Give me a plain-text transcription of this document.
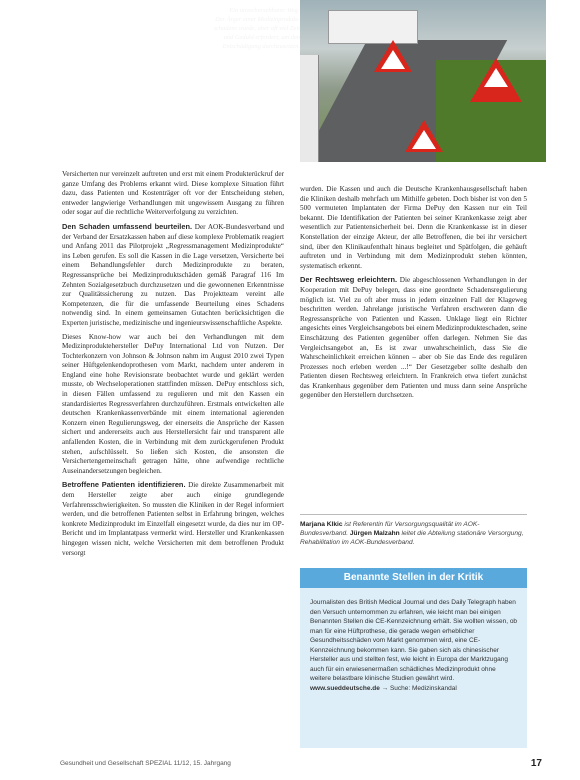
Ein unvorhersehbarer Weg:
Der Ärger einer Medizinprodukt-
schadens wurde, aber oft viel Zeit
und Geduld erfordert, um den
Entschädigung durchzusetzen.

Versicherten nur vereinzelt auftreten und erst mit einem Produkterückruf der ganze Umfang des Problems erkannt wird. Diese komplexe Situation führt dazu, dass Patienten und Kostenträger oft vor der Entscheidung stehen, entweder langwierige Verhandlungen mit ungewissem Ausgang zu führen oder sogar auf die rechtliche Weiterverfolgung zu verzichten.

Den Schaden umfassend beurteilen. Der AOK-Bundesverband und der Verband der Ersatzkassen haben auf diese komplexe Problematik reagiert und Anfang 2011 das Pilotprojekt „Regressmanagement Medizinprodukte“ ins Leben gerufen. Es soll die Kassen in die Lage versetzen, Versicherte bei einem Behandlungsfehler durch Medizinprodukte zu beraten, Regressansprüche bei Medizinproduktschäden gemäß Paragraf 116 Im Zehnten Sozialgesetzbuch durchzusetzen und die gewonnenen Erkenntnisse zur Qualitätssicherung zu nutzen. Das Projektteam vereint alle Kompetenzen, die für die umfassende Beurteilung eines Schadens notwendig sind. In einem gemeinsamen Gutachten berücksichtigen die Experten juristische, medizinische und ingenieurswissenschaftliche Aspekte.

Dieses Know-how war auch bei den Verhandlungen mit dem Medizinproduktehersteller DePuy International Ltd von Nutzen. Der Tochterkonzern von Johnson & Johnson nahm im August 2010 zwei Typen seiner Hüftgelenkendoprothesen vom Markt, nachdem unter anderem in England eine hohe Revisionsrate beobachtet wurde und geklärt werden musste, ob Wechseloperationen stattfinden müssen. DePuy entschloss sich, in diesen Fällen umfassend zu regulieren und mit den Kassen ein standardisiertes Regressverfahren durchzuführen. Erstmals entwickelten alle deutschen Krankenkassenverbände mit einem international agierenden Konzern einen Regulierungsweg, der einerseits die Ansprüche der Kassen sichert und andererseits auch aus Herstellersicht fair und transparent alle anfallenden Kosten, die in Verbindung mit dem zurückgerufenen Produkt stehen, aufschlüsselt. So ließen sich Kosten, die ansonsten die Versichertengemeinschaft getragen hätte, ohne aufwendige rechtliche Auseinandersetzungen begleichen.

Betroffene Patienten identifizieren. Die direkte Zusammenarbeit mit dem Hersteller zeigte aber auch einige grundlegende Verfahrensschwierigkeiten. So mussten die Kliniken in der Regel informiert werden, und die betroffenen Patienten selbst in Erfahrung bringen, welches konkrete Medizinprodukt im Einzelfall eingesetzt wurde, da dies nur im OP-Bericht und im Implantatpass vermerkt wird. Hersteller und Krankenkassen hingegen wissen nicht, welche Versicherten mit dem betroffenen Produkt versorgt

wurden. Die Kassen und auch die Deutsche Krankenhausgesellschaft haben die Kliniken deshalb mehrfach um Mithilfe gebeten. Doch bisher ist von den 5 500 vermuteten Implantaten der Firma DePuy den Kassen nur ein Teil bekannt. Die Identifikation der Patienten bei seiner Krankenkasse zeigt aber wesentlich zur Patientensicherheit bei. Denn die Krankenkasse ist in dieser Konstellation der einzige Akteur, der alle Betroffenen, die bei ihr versichert sind, über den Klinikaufenthalt hinaus begleitet und Spätfolgen, die gehäuft auftreten und in Verbindung mit dem Medizinprodukt stehen könnten, systematisch erkennt.

Der Rechtsweg erleichtern. Die abgeschlossenen Verhandlungen in der Kooperation mit DePuy belegen, dass eine geordnete Schadensregulierung möglich ist. Viel zu oft aber muss in jedem einzelnen Fall der Klageweg beschritten werden. Jahrelange juristische Verfahren erschweren dann die Regressansprüche von Patienten und Kassen. Unklage liegt ein Richter angesichts eines Vergleichsangebots bei einem Medizinprodukteschaden, seine Einschätzung des Patienten gegenüber offen darlegen. Nehmen Sie das Vergleichsangebot an, Es ist zwar unwahrscheinlich, dass Sie die Wahrscheinlichkeit erreichen können – aber ob Sie das Ende des regulären Prozesses noch erleben werden ...!“ Der Gesetzgeber sollte deshalb den Patienten diesen Rechtsweg erleichtern. In Frankreich etwa tiefert zunächst das Krankenhaus gegenüber dem Patienten und muss dann seine Ansprüche gegenüber den Herstellern durchsetzen.

Marjana Klkic ist Referentin für Versorgungsqualität im AOK-Bundesverband. Jürgen Malzahn leitet die Abteilung stationäre Versorgung, Rehabilitation im AOK-Bundesverband.
Benannte Stellen in der Kritik
Journalisten des British Medical Journal und des Daily Telegraph haben den Versuch unternommen zu erfahren, wie leicht man bei einigen Benannten Stellen die CE-Kennzeichnung erhält. Sie wollten wissen, ob man für eine Hüftprothese, die gerade wegen erheblicher Gesundheitsschäden vom Markt genommen wird, eine CE-Kennzeichnung bekommen kann. Sie gaben sich als chinesischer Hersteller aus und stellten fest, wie leicht in Europa der Marktzugang auch für ein erwiesenermaßen schädliches Medizinprodukt ohne weitere belastbare klinische Studien gewährt wird. www.sueddeutsche.de → Suche: Medizinskandal
Gesundheit und Gesellschaft SPEZIAL 11/12, 15. Jahrgang	17
